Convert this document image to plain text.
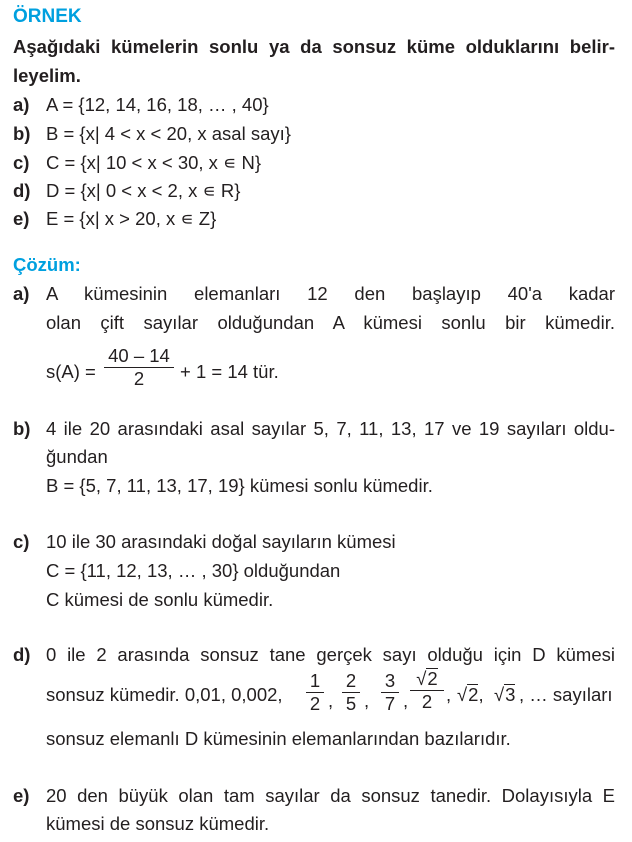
ÖRNEK
Aşağıdaki kümelerin sonlu ya da sonsuz küme olduklarını belir-
leyelim.
a) A = {12, 14, 16, 18, … , 40}
b) B = {x| 4 < x < 20, x asal sayı}
c) C = {x| 10 < x < 30, x ∊ N}
d) D = {x| 0 < x < 2, x ∊ R}
e) E = {x| x > 20, x ∊ Z}
Çözüm:
a) A kümesinin elemanları 12 den başlayıp 40'a kadar
olan çift sayılar olduğundan A kümesi sonlu bir kümedir.
s(A) =
40 – 14
2	+ 1 = 14 tür.
b) 4 ile 20 arasındaki asal sayılar 5, 7, 11, 13, 17 ve 19 sayıları oldu-
ğundan
B = {5, 7, 11, 13, 17, 19} kümesi sonlu kümedir.
c) 10 ile 30 arasındaki doğal sayıların kümesi
C = {11, 12, 13, … , 30} olduğundan
C kümesi de sonlu kümedir.
d) 0 ile 2 arasında sonsuz tane gerçek sayı olduğu için D kümesi
sonsuz kümedir. 0,01, 0,002,
1
2 ,
2
5 ,
3
7 ,
√2
2 , √2, √3 , … sayıları
sonsuz elemanlı D kümesinin elemanlarından bazılarıdır.
e) 20 den büyük olan tam sayılar da sonsuz tanedir. Dolayısıyla E
kümesi de sonsuz kümedir.
